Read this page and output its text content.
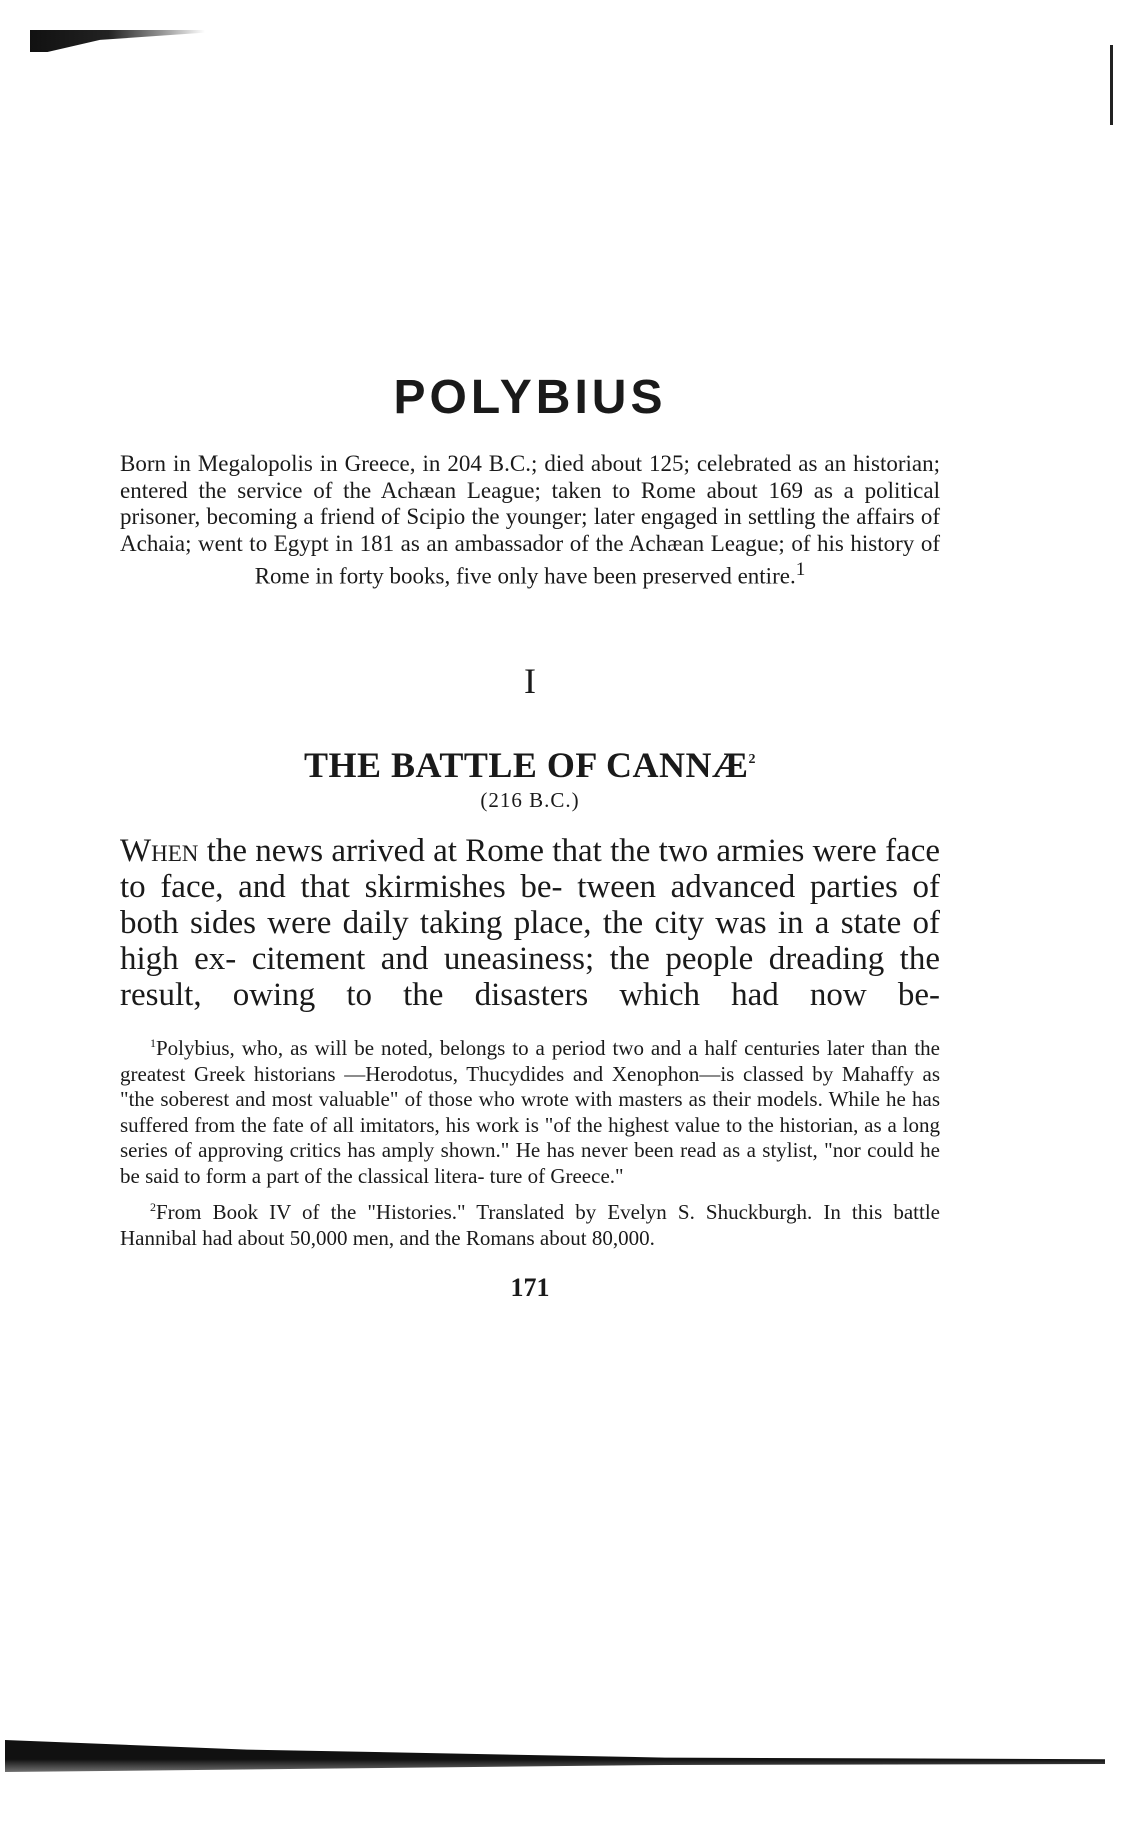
POLYBIUS

Born in Megalopolis in Greece, in 204 B.C.; died about 125; celebrated as an historian; entered the service of the Achæan League; taken to Rome about 169 as a political prisoner, becoming a friend of Scipio the younger; later engaged in settling the affairs of Achaia; went to Egypt in 181 as an ambassador of the Achæan League; of his history of Rome in forty books, five only have been preserved entire.$^1$

I
THE BATTLE OF CANNÆ$^2$
(216 B.C.)

When the news arrived at Rome that the two armies were face to face, and that skirmishes be- tween advanced parties of both sides were daily taking place, the city was in a state of high ex- citement and uneasiness; the people dreading the result, owing to the disasters which had now be-

$^1$Polybius, who, as will be noted, belongs to a period two and a half centuries later than the greatest Greek historians —Herodotus, Thucydides and Xenophon—is classed by Mahaffy as "the soberest and most valuable" of those who wrote with masters as their models. While he has suffered from the fate of all imitators, his work is "of the highest value to the historian, as a long series of approving critics has amply shown." He has never been read as a stylist, "nor could he be said to form a part of the classical litera- ture of Greece."

$^2$From Book IV of the "Histories." Translated by Evelyn S. Shuckburgh. In this battle Hannibal had about 50,000 men, and the Romans about 80,000.

171
